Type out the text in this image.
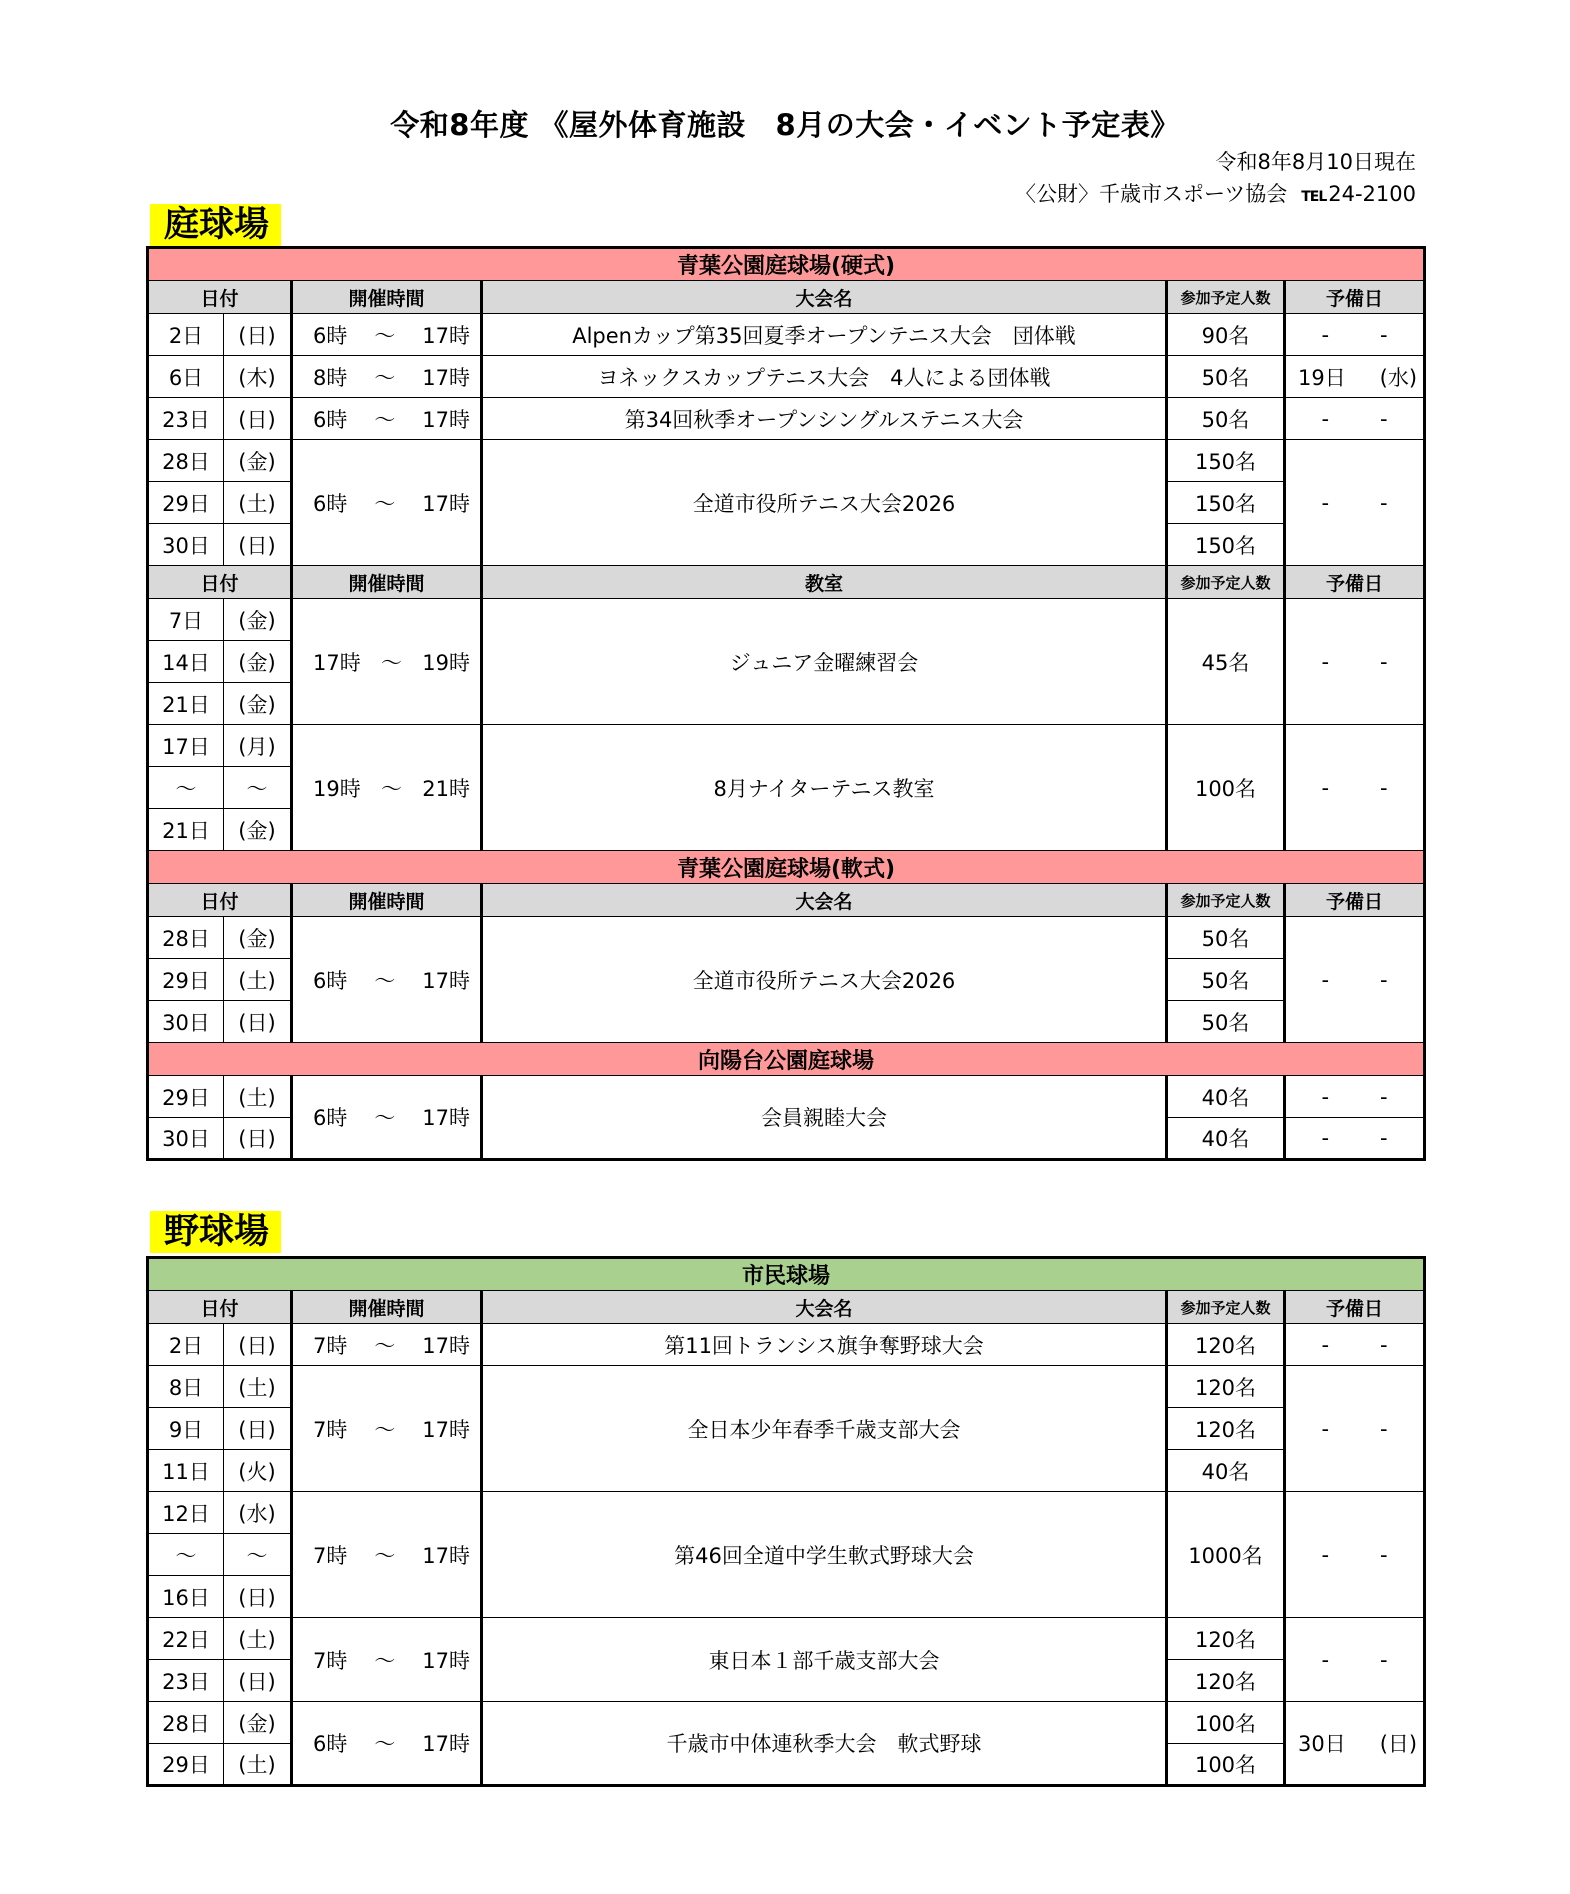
令和8年度 《屋外体育施設　8月の大会・イベント予定表》
令和8年8月10日現在
〈公財〉千歳市スポーツ協会 TEL24-2100
庭球場
青葉公園庭球場(硬式)					
日付		開催時間	大会名	参加予定人数	予備日
2日	(日)	6時 ～ 17時	Alpenカップ第35回夏季オープンテニス大会　団体戦	90名	- -

6日	(木)	8時 ～ 17時	ヨネックスカップテニス大会　4人による団体戦	50名	19日 (水)

23日	(日)	6時 ～ 17時	第34回秋季オープンシングルステニス大会	50名	- -

28日	(金)	6時 ～ 17時	全道市役所テニス大会2026	150名	- -

29日	(土)			150名	
30日	(日)			150名	
日付		開催時間	教室	参加予定人数	予備日
7日	(金)	17時 ～ 19時	ジュニア金曜練習会	45名	- -

14日	(金)				
21日	(金)				
17日	(月)	19時 ～ 21時	8月ナイターテニス教室	100名	- -

～	～				
21日	(金)				
青葉公園庭球場(軟式)					
日付		開催時間	大会名	参加予定人数	予備日
28日	(金)	6時 ～ 17時	全道市役所テニス大会2026	50名	- -

29日	(土)			50名	
30日	(日)			50名	
向陽台公園庭球場					
29日	(土)	6時 ～ 17時	会員親睦大会	40名	- -

30日	(日)			40名	- -
野球場
市民球場					
日付		開催時間	大会名	参加予定人数	予備日
2日	(日)	7時 ～ 17時	第11回トランシス旗争奪野球大会	120名	- -

8日	(土)	7時 ～ 17時	全日本少年春季千歳支部大会	120名	- -

9日	(日)			120名	
11日	(火)			40名	
12日	(水)	7時 ～ 17時	第46回全道中学生軟式野球大会	1000名	- -

～	～				
16日	(日)				
22日	(土)	7時 ～ 17時	東日本１部千歳支部大会	120名	- -

23日	(日)			120名	
28日	(金)	6時 ～ 17時	千歳市中体連秋季大会　軟式野球	100名	30日 (日)

29日	(土)			100名	
